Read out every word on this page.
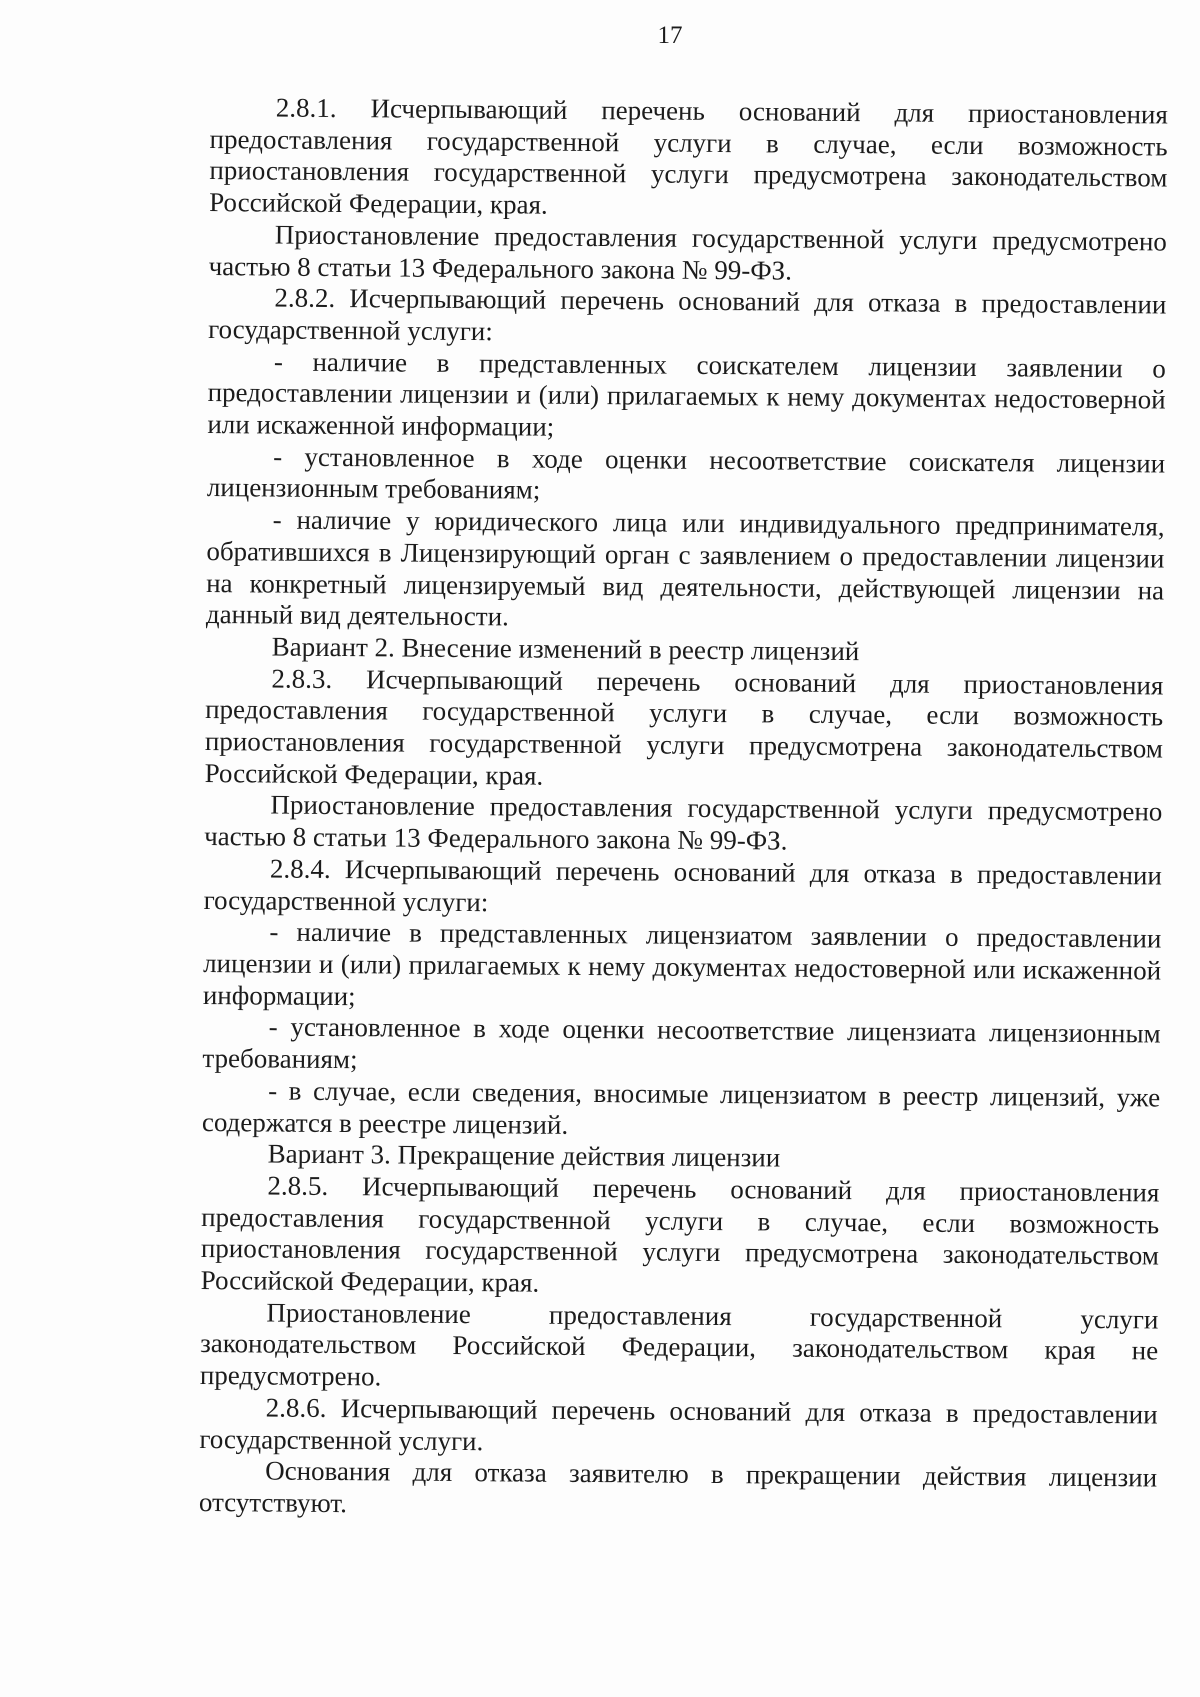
17

2.8.1. Исчерпывающий перечень оснований для приостановления предоставления государственной услуги в случае, если возможность приостановления государственной услуги предусмотрена законодательством Российской Федерации, края.

Приостановление предоставления государственной услуги предусмотрено частью 8 статьи 13 Федерального закона № 99-ФЗ.

2.8.2. Исчерпывающий перечень оснований для отказа в предоставлении государственной услуги:

- наличие в представленных соискателем лицензии заявлении о предоставлении лицензии и (или) прилагаемых к нему документах недостоверной или искаженной информации;

- установленное в ходе оценки несоответствие соискателя лицензии лицензионным требованиям;

- наличие у юридического лица или индивидуального предпринимателя, обратившихся в Лицензирующий орган с заявлением о предоставлении лицензии на конкретный лицензируемый вид деятельности, действующей лицензии на данный вид деятельности.

Вариант 2. Внесение изменений в реестр лицензий

2.8.3. Исчерпывающий перечень оснований для приостановления предоставления государственной услуги в случае, если возможность приостановления государственной услуги предусмотрена законодательством Российской Федерации, края.

Приостановление предоставления государственной услуги предусмотрено частью 8 статьи 13 Федерального закона № 99-ФЗ.

2.8.4. Исчерпывающий перечень оснований для отказа в предоставлении государственной услуги:

- наличие в представленных лицензиатом заявлении о предоставлении лицензии и (или) прилагаемых к нему документах недостоверной или искаженной информации;

- установленное в ходе оценки несоответствие лицензиата лицензионным требованиям;

- в случае, если сведения, вносимые лицензиатом в реестр лицензий, уже содержатся в реестре лицензий.

Вариант 3. Прекращение действия лицензии

2.8.5. Исчерпывающий перечень оснований для приостановления предоставления государственной услуги в случае, если возможность приостановления государственной услуги предусмотрена законодательством Российской Федерации, края.

Приостановление предоставления государственной услуги законодательством Российской Федерации, законодательством края не предусмотрено.

2.8.6. Исчерпывающий перечень оснований для отказа в предоставлении государственной услуги.

Основания для отказа заявителю в прекращении действия лицензии отсутствуют.
